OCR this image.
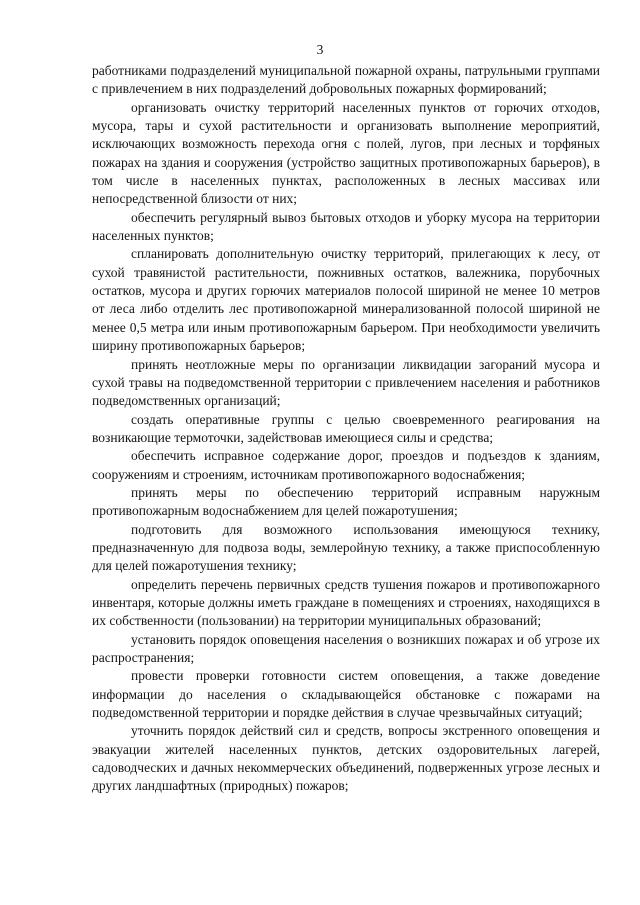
3

работниками подразделений муниципальной пожарной охраны, патрульными группами с привлечением в них подразделений добровольных пожарных формирований;

организовать очистку территорий населенных пунктов от горючих отходов, мусора, тары и сухой растительности и организовать выполнение мероприятий, исключающих возможность перехода огня с полей, лугов, при лесных и торфяных пожарах на здания и сооружения (устройство защитных противопожарных барьеров), в том числе в населенных пунктах, расположенных в лесных массивах или непосредственной близости от них;

обеспечить регулярный вывоз бытовых отходов и уборку мусора на территории населенных пунктов;

спланировать дополнительную очистку территорий, прилегающих к лесу, от сухой травянистой растительности, пожнивных остатков, валежника, порубочных остатков, мусора и других горючих материалов полосой шириной не менее 10 метров от леса либо отделить лес противопожарной минерализованной полосой шириной не менее 0,5 метра или иным противопожарным барьером. При необходимости увеличить ширину противопожарных барьеров;

принять неотложные меры по организации ликвидации загораний мусора и сухой травы на подведомственной территории с привлечением населения и работников подведомственных организаций;

создать оперативные группы с целью своевременного реагирования на возникающие термоточки, задействовав имеющиеся силы и средства;

обеспечить исправное содержание дорог, проездов и подъездов к зданиям, сооружениям и строениям, источникам противопожарного водоснабжения;

принять меры по обеспечению территорий исправным наружным противопожарным водоснабжением для целей пожаротушения;

подготовить для возможного использования имеющуюся технику, предназначенную для подвоза воды, землеройную технику, а также приспособленную для целей пожаротушения технику;

определить перечень первичных средств тушения пожаров и противопожарного инвентаря, которые должны иметь граждане в помещениях и строениях, находящихся в их собственности (пользовании) на территории муниципальных образований;

установить порядок оповещения населения о возникших пожарах и об угрозе их распространения;

провести проверки готовности систем оповещения, а также доведение информации до населения о складывающейся обстановке с пожарами на подведомственной территории и порядке действия в случае чрезвычайных ситуаций;

уточнить порядок действий сил и средств, вопросы экстренного оповещения и эвакуации жителей населенных пунктов, детских оздоровительных лагерей, садоводческих и дачных некоммерческих объединений, подверженных угрозе лесных и других ландшафтных (природных) пожаров;
